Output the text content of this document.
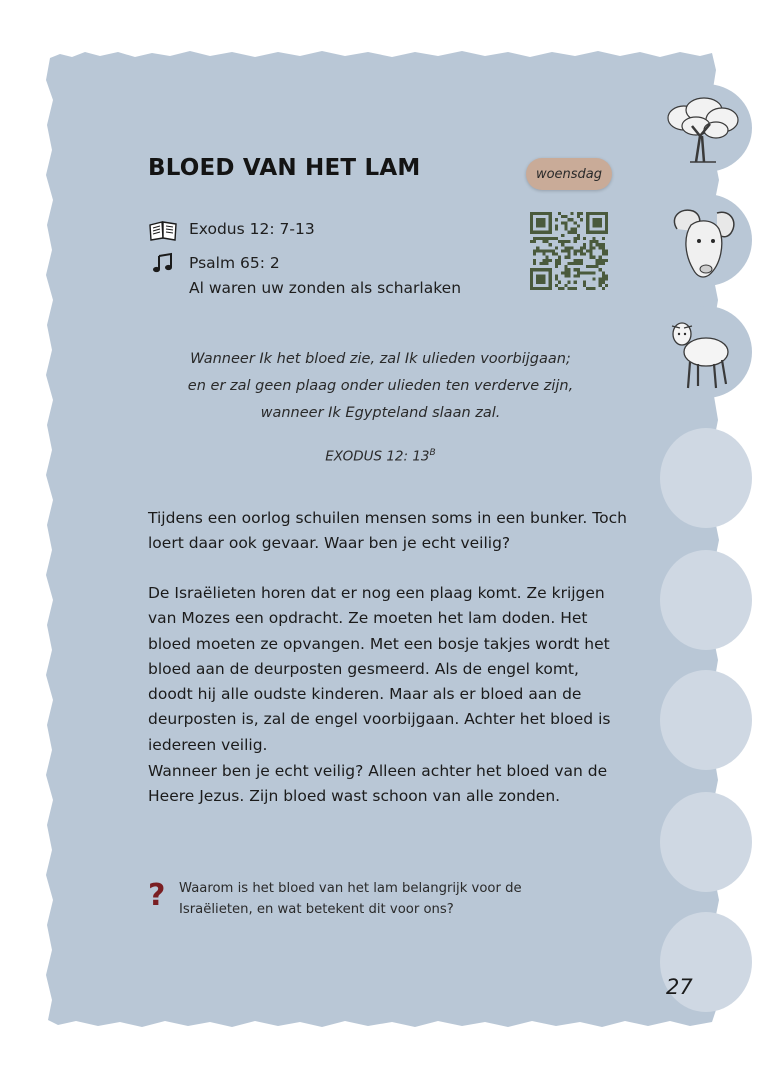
BLOED VAN HET LAM	woensdag
Exodus 12: 7-13
Psalm 65: 2
Al waren uw zonden als scharlaken
Wanneer Ik het bloed zie, zal Ik ulieden voorbijgaan;
en er zal geen plaag onder ulieden ten verderve zijn,
wanneer Ik Egypteland slaan zal.
EXODUS 12: $13^B$

Tijdens een oorlog schuilen mensen soms in een bunker. Toch loert daar ook gevaar. Waar ben je echt veilig?

De Israëlieten horen dat er nog een plaag komt. Ze krijgen van Mozes een opdracht. Ze moeten het lam doden. Het bloed moeten ze opvangen. Met een bosje takjes wordt het bloed aan de deurposten gesmeerd. Als de engel komt, doodt hij alle oudste kinderen. Maar als er bloed aan de deurposten is, zal de engel voorbijgaan. Achter het bloed is iedereen veilig.

Wanneer ben je echt veilig? Alleen achter het bloed van de Heere Jezus. Zijn bloed wast schoon van alle zonden.

? Waarom is het bloed van het lam belangrijk voor de Israëlieten, en wat betekent dit voor ons?
27
